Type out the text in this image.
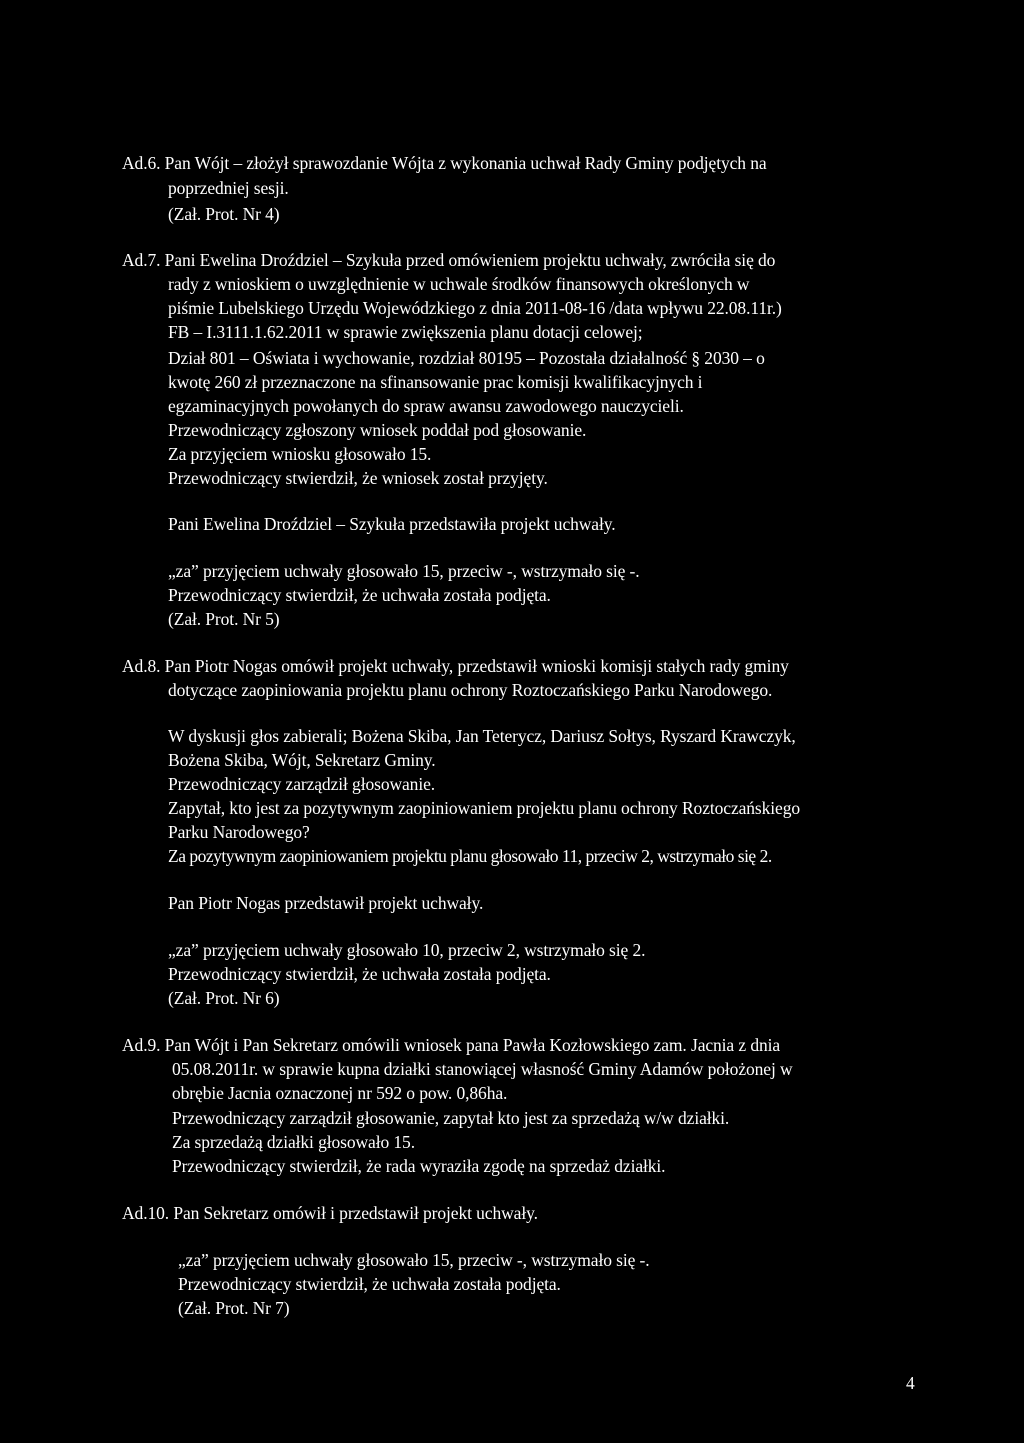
Ad.6. Pan Wójt – złożył sprawozdanie Wójta z wykonania uchwał Rady Gminy podjętych na
poprzedniej sesji.
(Zał. Prot. Nr 4)
Ad.7. Pani Ewelina Droździel – Szykuła przed omówieniem projektu uchwały, zwróciła się do
rady z wnioskiem o uwzględnienie w uchwale środków finansowych określonych w
piśmie Lubelskiego Urzędu Wojewódzkiego z dnia 2011-08-16 /data wpływu 22.08.11r.)
FB – I.3111.1.62.2011 w sprawie zwiększenia planu dotacji celowej;
Dział 801 – Oświata i wychowanie, rozdział 80195 – Pozostała działalność § 2030 – o
kwotę 260 zł przeznaczone na sfinansowanie prac komisji kwalifikacyjnych i
egzaminacyjnych powołanych do spraw awansu zawodowego nauczycieli.
Przewodniczący zgłoszony wniosek poddał pod głosowanie.
Za przyjęciem wniosku głosowało 15.
Przewodniczący stwierdził, że wniosek został przyjęty.
Pani Ewelina Droździel – Szykuła przedstawiła projekt uchwały.
„za” przyjęciem uchwały głosowało 15, przeciw -, wstrzymało się -.
Przewodniczący stwierdził, że uchwała została podjęta.
(Zał. Prot. Nr 5)
Ad.8. Pan Piotr Nogas omówił projekt uchwały, przedstawił wnioski komisji stałych rady gminy
dotyczące zaopiniowania projektu planu ochrony Roztoczańskiego Parku Narodowego.
W dyskusji głos zabierali; Bożena Skiba, Jan Teterycz, Dariusz Sołtys, Ryszard Krawczyk,
Bożena Skiba, Wójt, Sekretarz Gminy.
Przewodniczący zarządził głosowanie.
Zapytał, kto jest za pozytywnym zaopiniowaniem projektu planu ochrony Roztoczańskiego
Parku Narodowego?
Za pozytywnym zaopiniowaniem projektu planu głosowało 11, przeciw 2, wstrzymało się 2.
Pan Piotr Nogas przedstawił projekt uchwały.
„za” przyjęciem uchwały głosowało 10, przeciw 2, wstrzymało się 2.
Przewodniczący stwierdził, że uchwała została podjęta.
(Zał. Prot. Nr 6)
Ad.9. Pan Wójt i Pan Sekretarz omówili wniosek pana Pawła Kozłowskiego zam. Jacnia z dnia
05.08.2011r. w sprawie kupna działki stanowiącej własność Gminy Adamów położonej w
obrębie Jacnia oznaczonej nr 592 o pow. 0,86ha.
Przewodniczący zarządził głosowanie, zapytał kto jest za sprzedażą w/w działki.
Za sprzedażą działki głosowało 15.
Przewodniczący stwierdził, że rada wyraziła zgodę na sprzedaż działki.
Ad.10. Pan Sekretarz omówił i przedstawił projekt uchwały.
„za” przyjęciem uchwały głosowało 15, przeciw -, wstrzymało się -.
Przewodniczący stwierdził, że uchwała została podjęta.
(Zał. Prot. Nr 7)
4
